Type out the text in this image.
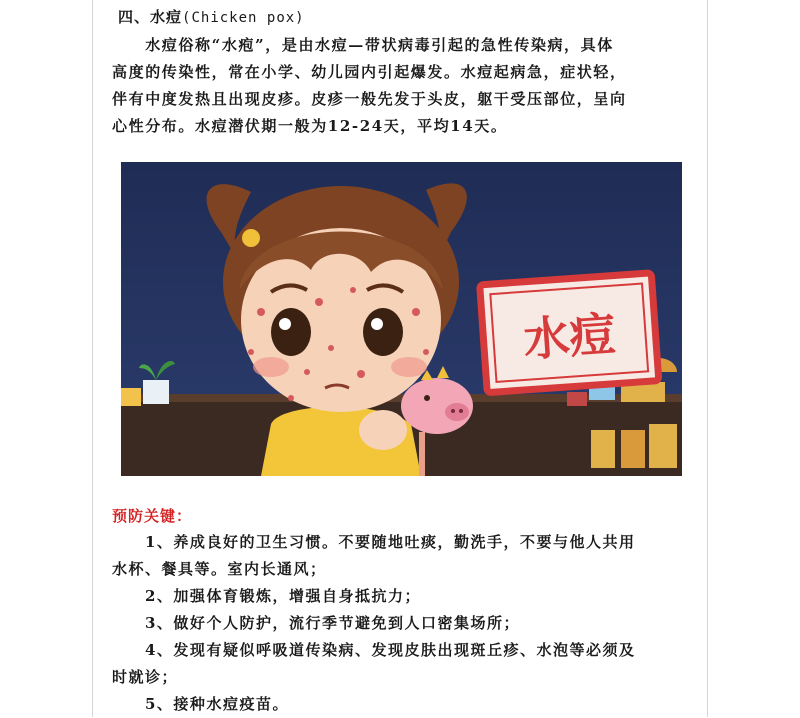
四、水痘(Chicken pox)

　　水痘俗称“水疱”，是由水痘—带状病毒引起的急性传染病，具体

高度的传染性，常在小学、幼儿园内引起爆发。水痘起病急，症状轻，

伴有中度发热且出现皮疹。皮疹一般先发于头皮，躯干受压部位，呈向

心性分布。水痘潜伏期一般为12-24天，平均14天。

水痘
预防关键：

　　1、养成良好的卫生习惯。不要随地吐痰，勤洗手，不要与他人共用

水杯、餐具等。室内长通风；

　　2、加强体育锻炼，增强自身抵抗力；

　　3、做好个人防护，流行季节避免到人口密集场所；

　　4、发现有疑似呼吸道传染病、发现皮肤出现斑丘疹、水泡等必须及

时就诊；

　　5、接种水痘疫苗。
